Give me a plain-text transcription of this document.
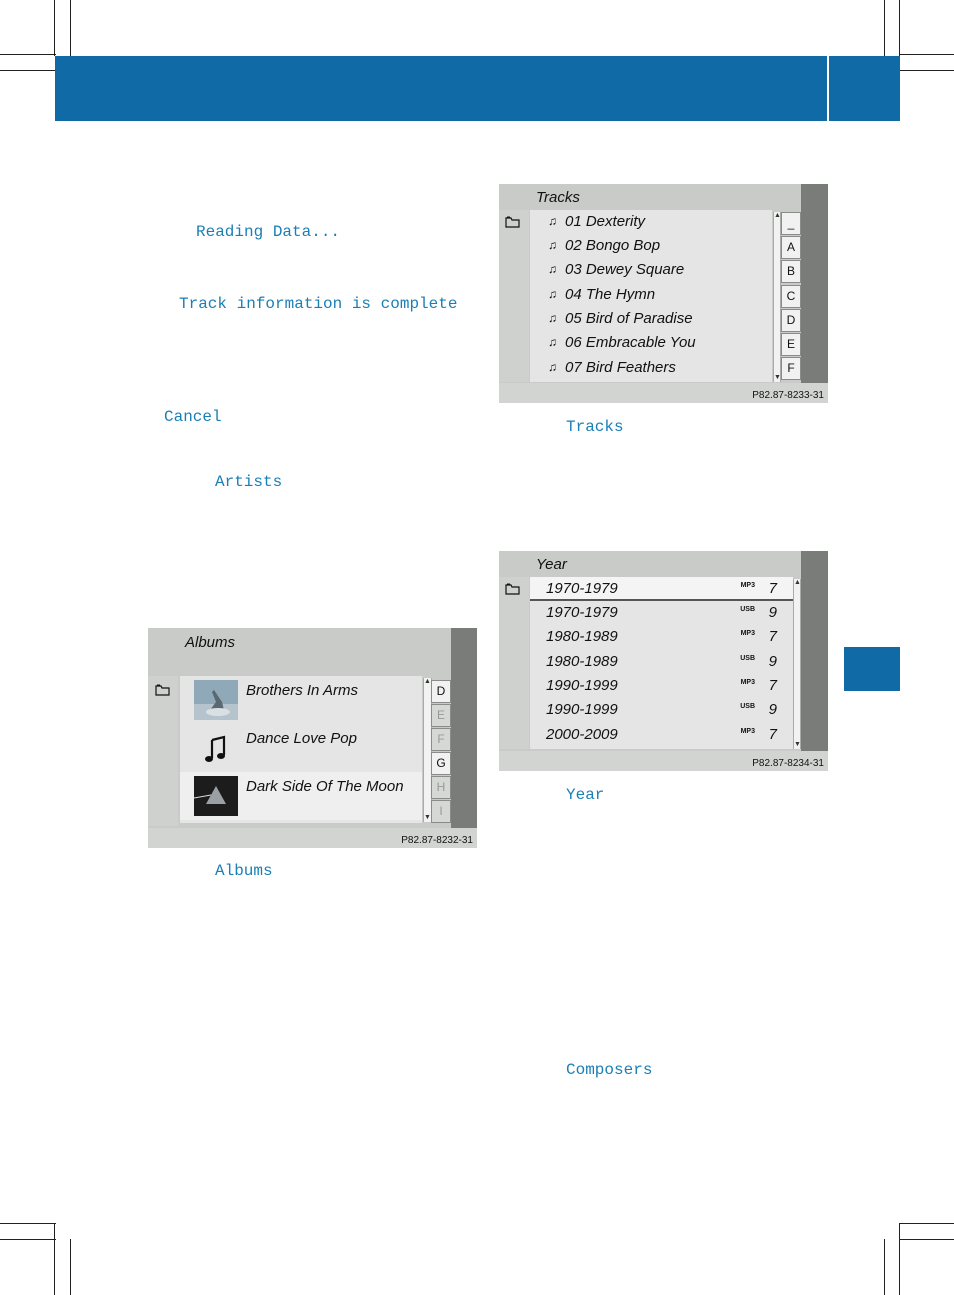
Reading Data...
Track information is complete
Cancel
Artists
Albums
Tracks
Year
Composers
Albums
Brothers In Arms
Dance Love Pop
Dark Side Of The Moon
▲
▼
D
E
F
G
H
I
P82.87-8232-31
Tracks
♫ 01 Dexterity
♫ 02 Bongo Bop
♫ 03 Dewey Square
♫ 04 The Hymn
♫ 05 Bird of Paradise
♫ 06 Embracable You
♫ 07 Bird Feathers
▲
▼
_
A
B
C
D
E
F
P82.87-8233-31
Year
1970-1979	MP3 7
1970-1979	USB 9
1980-1989	MP3 7
1980-1989	USB 9
1990-1999	MP3 7
1990-1999	USB 9
2000-2009	MP3 7
▲
▼
P82.87-8234-31
